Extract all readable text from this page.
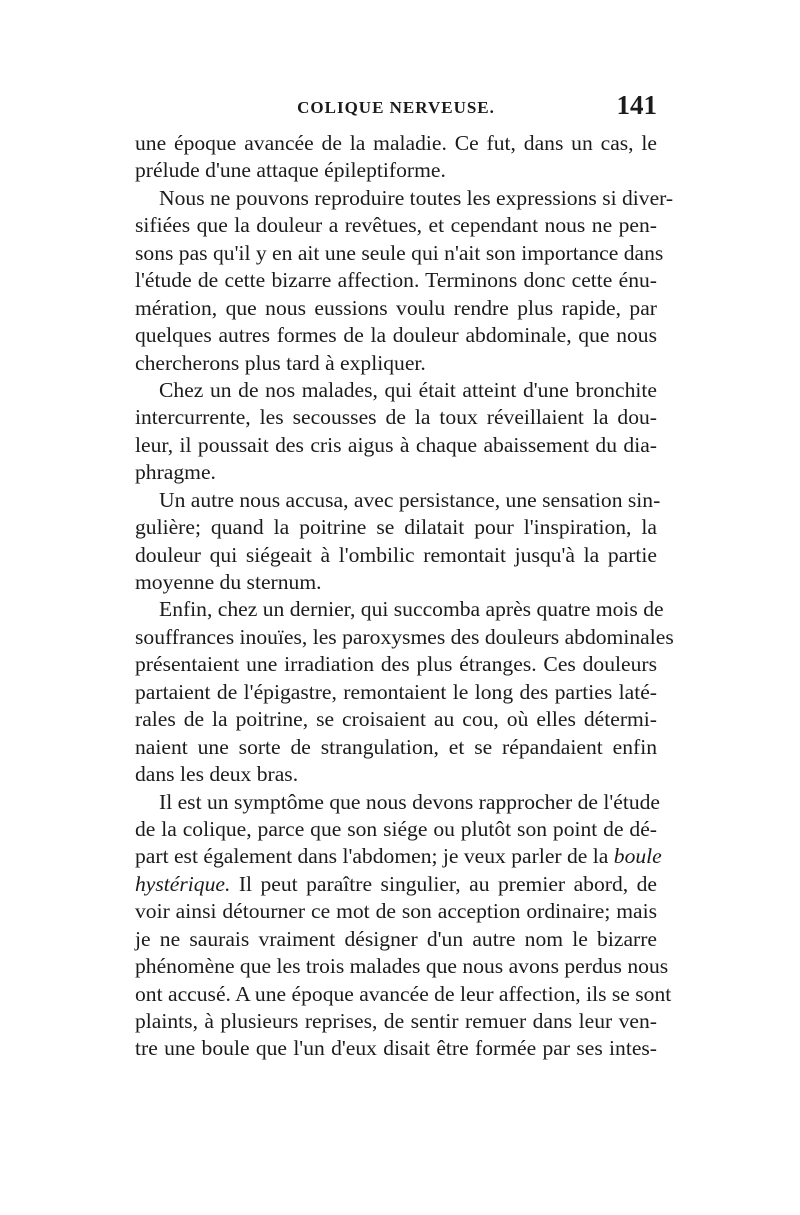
COLIQUE NERVEUSE.	141
une époque avancée de la maladie. Ce fut, dans un cas, le
prélude d'une attaque épileptiforme.
Nous ne pouvons reproduire toutes les expressions si diver-
sifiées que la douleur a revêtues, et cependant nous ne pen-
sons pas qu'il y en ait une seule qui n'ait son importance dans
l'étude de cette bizarre affection. Terminons donc cette énu-
mération, que nous eussions voulu rendre plus rapide, par
quelques autres formes de la douleur abdominale, que nous
chercherons plus tard à expliquer.
Chez un de nos malades, qui était atteint d'une bronchite
intercurrente, les secousses de la toux réveillaient la dou-
leur, il poussait des cris aigus à chaque abaissement du dia-
phragme.
Un autre nous accusa, avec persistance, une sensation sin-
gulière; quand la poitrine se dilatait pour l'inspiration, la
douleur qui siégeait à l'ombilic remontait jusqu'à la partie
moyenne du sternum.
Enfin, chez un dernier, qui succomba après quatre mois de
souffrances inouïes, les paroxysmes des douleurs abdominales
présentaient une irradiation des plus étranges. Ces douleurs
partaient de l'épigastre, remontaient le long des parties laté-
rales de la poitrine, se croisaient au cou, où elles détermi-
naient une sorte de strangulation, et se répandaient enfin
dans les deux bras.
Il est un symptôme que nous devons rapprocher de l'étude
de la colique, parce que son siége ou plutôt son point de dé-
part est également dans l'abdomen; je veux parler de la boule
hystérique. Il peut paraître singulier, au premier abord, de
voir ainsi détourner ce mot de son acception ordinaire; mais
je ne saurais vraiment désigner d'un autre nom le bizarre
phénomène que les trois malades que nous avons perdus nous
ont accusé. A une époque avancée de leur affection, ils se sont
plaints, à plusieurs reprises, de sentir remuer dans leur ven-
tre une boule que l'un d'eux disait être formée par ses intes-
